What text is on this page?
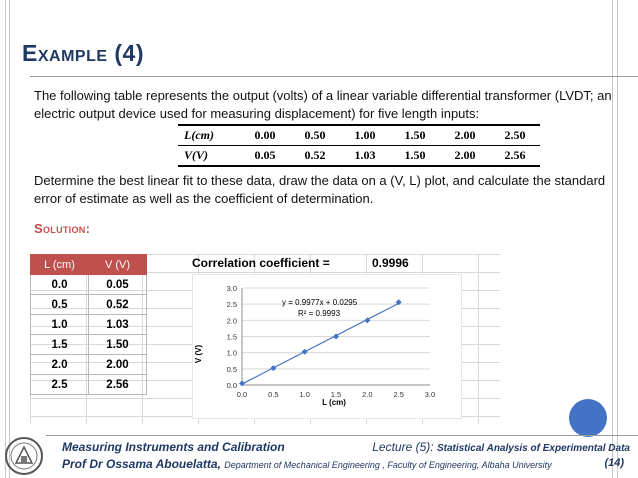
Example (4)
The following table represents the output (volts) of a linear variable differential transformer (LVDT; an electric output device used for measuring displacement) for five length inputs:
L(cm)	0.00	0.50	1.00	1.50	2.00	2.50
V(V)	0.05	0.52	1.03	1.50	2.00	2.56
Determine the best linear fit to these data, draw the data on a (V, L) plot, and calculate the standard error of estimate as well as the coefficient of determination.
Solution:
L (cm)	V (V)
0.0	0.05
0.5	0.52
1.0	1.03
1.5	1.50
2.0	2.00
2.5	2.56
Correlation coefficient =	0.9996
0.0
0.5
1.0
1.5
2.0
2.5
3.0
0.0	0.5	1.0	1.5	2.0	2.5	3.0
y = 0.9977x + 0.0295
R² = 0.9993
L (cm)
V (V)
Measuring Instruments and Calibration
Prof Dr Ossama Abouelatta, Department of Mechanical Engineering , Faculty of Engineering, Albaha University
Lecture (5): Statistical Analysis of Experimental Data
(14)
